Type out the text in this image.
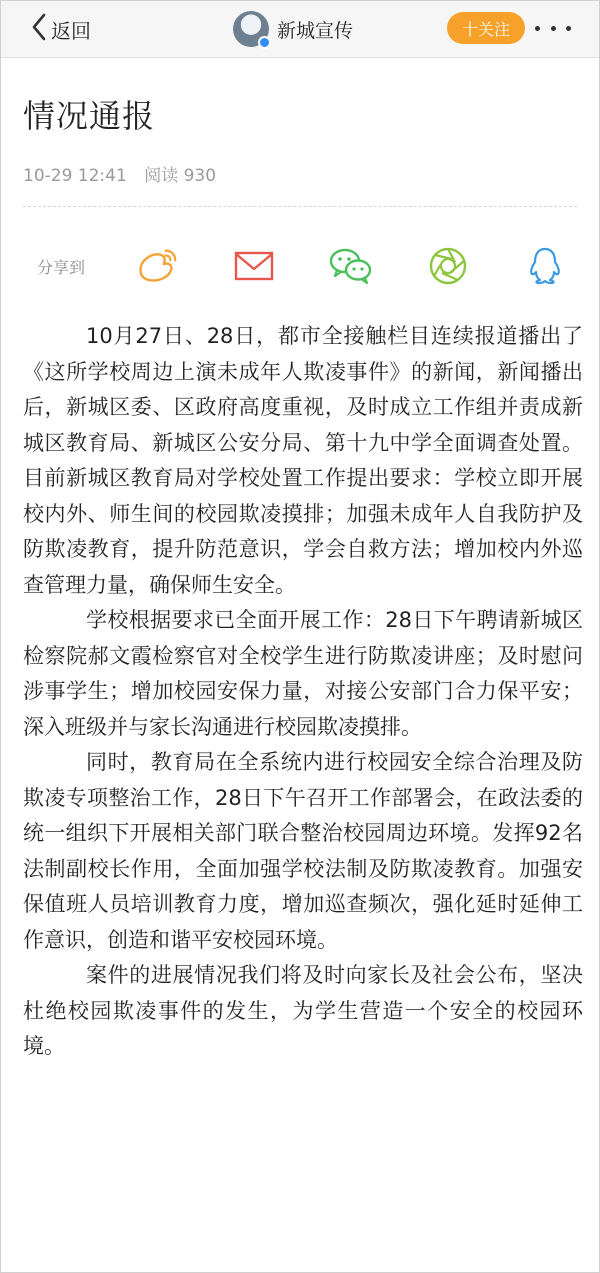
返回	新城宣传	十关注
情况通报
10-29 12:41 阅读 930
分享到

10月27日、28日，都市全接触栏目连续报道播出了《这所学校周边上演未成年人欺凌事件》的新闻，新闻播出后，新城区委、区政府高度重视，及时成立工作组并责成新城区教育局、新城区公安分局、第十九中学全面调查处置。目前新城区教育局对学校处置工作提出要求：学校立即开展校内外、师生间的校园欺凌摸排；加强未成年人自我防护及防欺凌教育，提升防范意识，学会自救方法；增加校内外巡查管理力量，确保师生安全。

学校根据要求已全面开展工作：28日下午聘请新城区检察院郝文霞检察官对全校学生进行防欺凌讲座；及时慰问涉事学生；增加校园安保力量，对接公安部门合力保平安；深入班级并与家长沟通进行校园欺凌摸排。

同时，教育局在全系统内进行校园安全综合治理及防欺凌专项整治工作，28日下午召开工作部署会，在政法委的统一组织下开展相关部门联合整治校园周边环境。发挥92名法制副校长作用，全面加强学校法制及防欺凌教育。加强安保值班人员培训教育力度，增加巡查频次，强化延时延伸工作意识，创造和谐平安校园环境。

案件的进展情况我们将及时向家长及社会公布，坚决杜绝校园欺凌事件的发生，为学生营造一个安全的校园环境。
